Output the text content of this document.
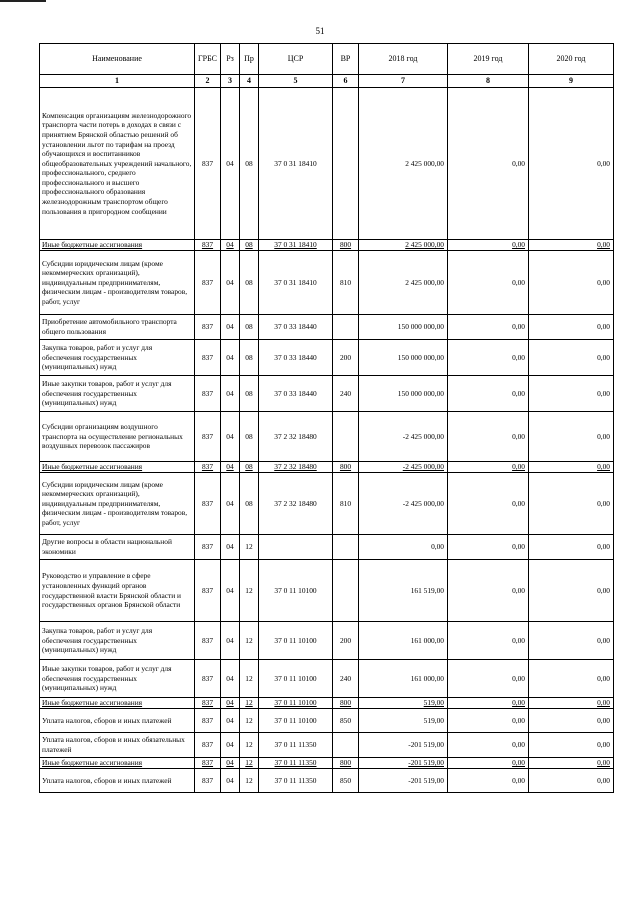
51
Наименование	ГРБС	Рз	Пр	ЦСР	ВР	2018 год	2019 год	2020 год
1	2	3	4	5	6	7	8	9
Компенсация организациям железнодорожного транспорта части потерь в доходах в связи с принятием Брянской областью решений об установлении льгот по тарифам на проезд обучающихся и воспитанников общеобразовательных учреждений начального, профессионального, среднего профессионального и высшего профессионального образования железнодорожным транспортом общего пользования в пригородном сообщении	837	04	08	37 0 31 18410		2 425 000,00	0,00	0,00
Иные бюджетные ассигнования	837	04	08	37 0 31 18410	800	2 425 000,00	0,00	0,00
Субсидии юридическим лицам (кроме некоммерческих организаций), индивидуальным предпринимателям, физическим лицам - производителям товаров, работ, услуг	837	04	08	37 0 31 18410	810	2 425 000,00	0,00	0,00
Приобретение автомобильного транспорта общего пользования	837	04	08	37 0 33 18440		150 000 000,00	0,00	0,00
Закупка товаров, работ и услуг для обеспечения государственных (муниципальных) нужд	837	04	08	37 0 33 18440	200	150 000 000,00	0,00	0,00
Иные закупки товаров, работ и услуг для обеспечения государственных (муниципальных) нужд	837	04	08	37 0 33 18440	240	150 000 000,00	0,00	0,00
Субсидии организациям воздушного транспорта на осуществление региональных воздушных перевозок пассажиров	837	04	08	37 2 32 18480		-2 425 000,00	0,00	0,00
Иные бюджетные ассигнования	837	04	08	37 2 32 18480	800	-2 425 000,00	0,00	0,00
Субсидии юридическим лицам (кроме некоммерческих организаций), индивидуальным предпринимателям, физическим лицам - производителям товаров, работ, услуг	837	04	08	37 2 32 18480	810	-2 425 000,00	0,00	0,00
Другие вопросы в области национальной экономики	837	04	12			0,00	0,00	0,00
Руководство и управление в сфере установленных функций органов государственной власти Брянской области и государственных органов Брянской области	837	04	12	37 0 11 10100		161 519,00	0,00	0,00
Закупка товаров, работ и услуг для обеспечения государственных (муниципальных) нужд	837	04	12	37 0 11 10100	200	161 000,00	0,00	0,00
Иные закупки товаров, работ и услуг для обеспечения государственных (муниципальных) нужд	837	04	12	37 0 11 10100	240	161 000,00	0,00	0,00
Иные бюджетные ассигнования	837	04	12	37 0 11 10100	800	519,00	0,00	0,00
Уплата налогов, сборов и иных платежей	837	04	12	37 0 11 10100	850	519,00	0,00	0,00
Уплата налогов, сборов и иных обязательных платежей	837	04	12	37 0 11 11350		-201 519,00	0,00	0,00
Иные бюджетные ассигнования	837	04	12	37 0 11 11350	800	-201 519,00	0,00	0,00
Уплата налогов, сборов и иных платежей	837	04	12	37 0 11 11350	850	-201 519,00	0,00	0,00
